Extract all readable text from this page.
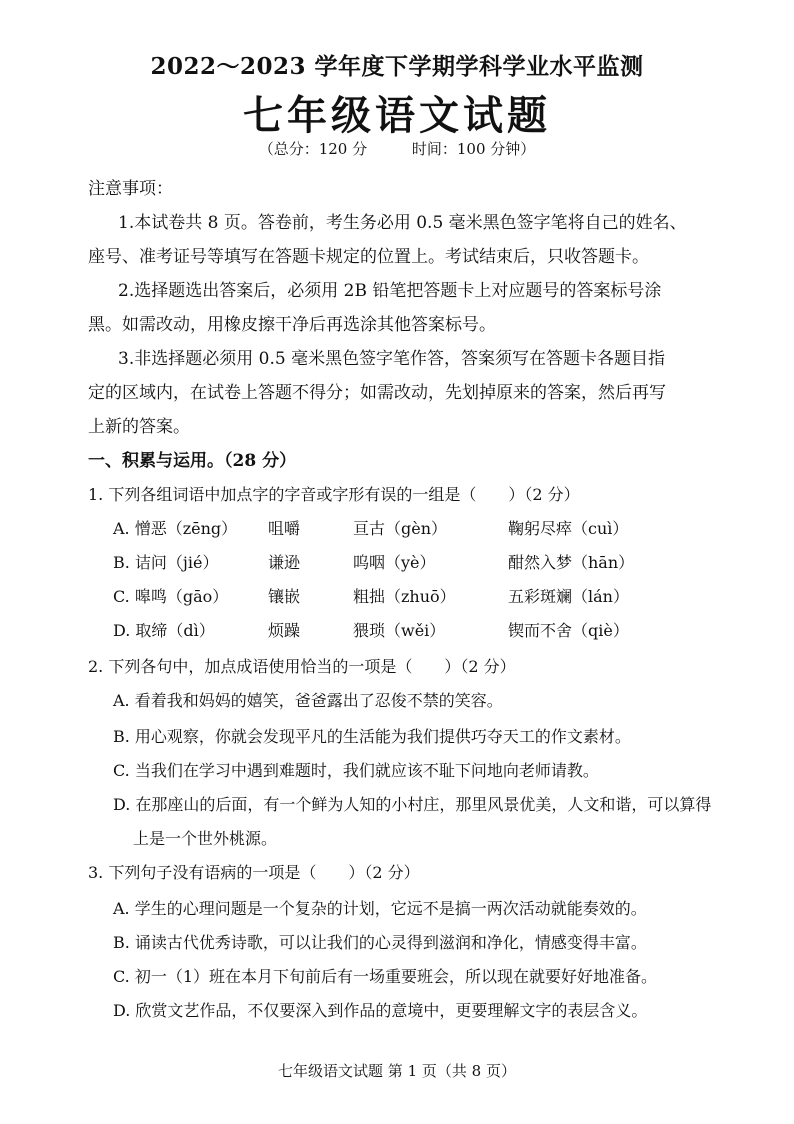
2022～2023 学年度下学期学科学业水平监测
七年级语文试题
（总分：120 分	时间：100 分钟）
注意事项：
1.本试卷共 8 页。答卷前，考生务必用 0.5 毫米黑色签字笔将自己的姓名、
座号、准考证号等填写在答题卡规定的位置上。考试结束后，只收答题卡。
2.选择题选出答案后，必须用 2B 铅笔把答题卡上对应题号的答案标号涂
黑。如需改动，用橡皮擦干净后再选涂其他答案标号。
3.非选择题必须用 0.5 毫米黑色签字笔作答，答案须写在答题卡各题目指
定的区域内，在试卷上答题不得分；如需改动，先划掉原来的答案，然后再写
上新的答案。
一、积累与运用。（28 分）
1. 下列各组词语中加点字的字音或字形有误的一组是（　　）（2 分）
A. 憎恶（zēng）	咀嚼	亘古（gèn）	鞠躬尽瘁（cuì）
B. 诘问（jié）	谦逊	呜咽（yè）	酣然入梦（hān）
C. 嗥鸣（gāo）	镶嵌	粗拙（zhuō）	五彩斑斓（lán）
D. 取缔（dì）	烦躁	猥琐（wěi）	锲而不舍（qiè）
2. 下列各句中，加点成语使用恰当的一项是（　　）（2 分）
A. 看着我和妈妈的嬉笑，爸爸露出了忍俊不禁的笑容。
B. 用心观察，你就会发现平凡的生活能为我们提供巧夺天工的作文素材。
C. 当我们在学习中遇到难题时，我们就应该不耻下问地向老师请教。
D. 在那座山的后面，有一个鲜为人知的小村庄，那里风景优美，人文和谐，可以算得
上是一个世外桃源。
3. 下列句子没有语病的一项是（　　）（2 分）
A. 学生的心理问题是一个复杂的计划，它远不是搞一两次活动就能奏效的。
B. 诵读古代优秀诗歌，可以让我们的心灵得到滋润和净化，情感变得丰富。
C. 初一（1）班在本月下旬前后有一场重要班会，所以现在就要好好地准备。
D. 欣赏文艺作品，不仅要深入到作品的意境中，更要理解文字的表层含义。
七年级语文试题 第 1 页（共 8 页）
